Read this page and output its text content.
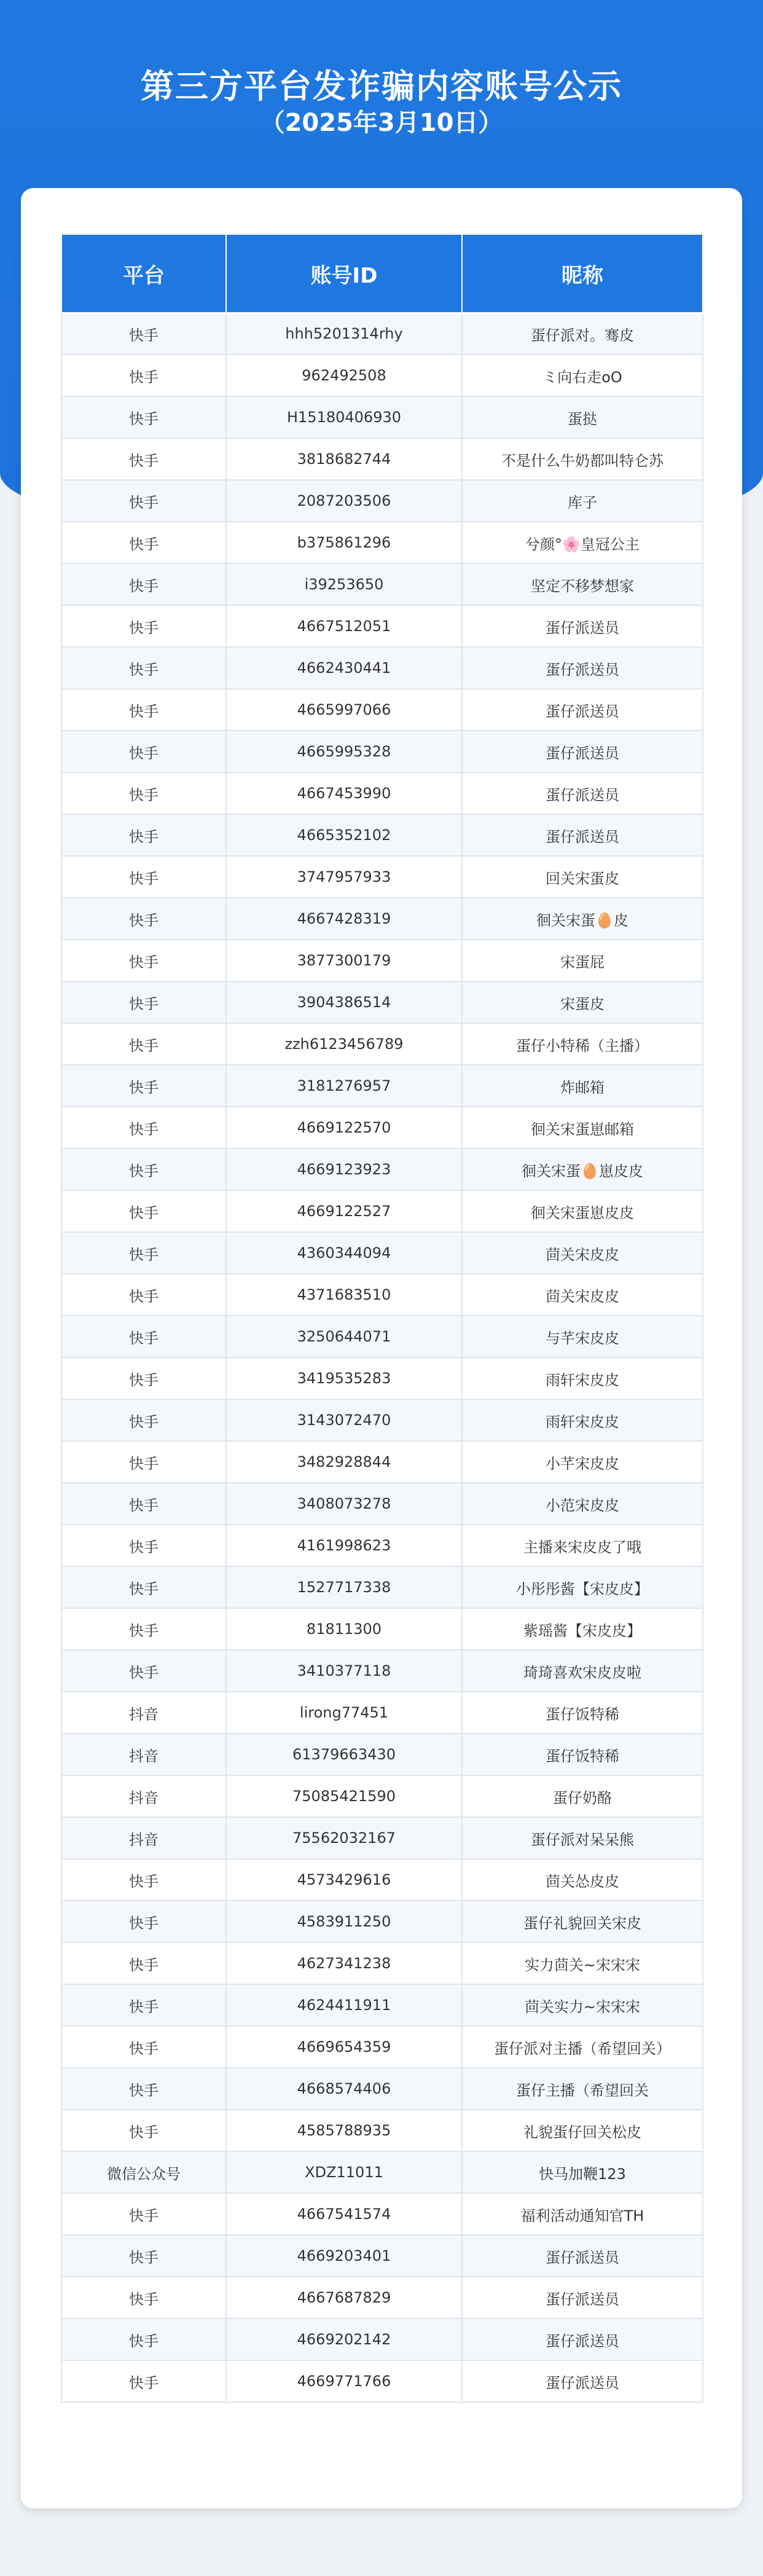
第三方平台发诈骗内容账号公示
（2025年3月10日）
平台	账号ID	昵称
快手	hhh5201314rhy	蛋仔派对。骞皮
快手	962492508	ミ向右走oO
快手	H15180406930	蛋挞
快手	3818682744	不是什么牛奶都叫特仑苏
快手	2087203506	库子
快手	b375861296	兮颜°🌸皇冠公主
快手	i39253650	坚定不移梦想家
快手	4667512051	蛋仔派送员
快手	4662430441	蛋仔派送员
快手	4665997066	蛋仔派送员
快手	4665995328	蛋仔派送员
快手	4667453990	蛋仔派送员
快手	4665352102	蛋仔派送员
快手	3747957933	回关宋蛋皮
快手	4667428319	徊关宋蛋🥚皮
快手	3877300179	宋蛋屁
快手	3904386514	宋蛋皮
快手	zzh6123456789	蛋仔小特稀（主播）
快手	3181276957	炸邮箱
快手	4669122570	徊关宋蛋崽邮箱
快手	4669123923	徊关宋蛋🥚崽皮皮
快手	4669122527	徊关宋蛋崽皮皮
快手	4360344094	茴关宋皮皮
快手	4371683510	茴关宋皮皮
快手	3250644071	与芊宋皮皮
快手	3419535283	雨轩宋皮皮
快手	3143072470	雨轩宋皮皮
快手	3482928844	小芊宋皮皮
快手	3408073278	小范宋皮皮
快手	4161998623	主播来宋皮皮了哦
快手	1527717338	小彤彤酱【宋皮皮】
快手	81811300	紫瑶酱【宋皮皮】
快手	3410377118	琦琦喜欢宋皮皮啦
抖音	lirong77451	蛋仔饭特稀
抖音	61379663430	蛋仔饭特稀
抖音	75085421590	蛋仔奶酪
抖音	75562032167	蛋仔派对呆呆熊
快手	4573429616	茴关怂皮皮
快手	4583911250	蛋仔礼貌回关宋皮
快手	4627341238	实力茴关~宋宋宋
快手	4624411911	茴关实力~宋宋宋
快手	4669654359	蛋仔派对主播（希望回关）
快手	4668574406	蛋仔主播（希望回关
快手	4585788935	礼貌蛋仔回关松皮
微信公众号	XDZ11011	快马加鞭123
快手	4667541574	福利活动通知官TH
快手	4669203401	蛋仔派送员
快手	4667687829	蛋仔派送员
快手	4669202142	蛋仔派送员
快手	4669771766	蛋仔派送员
